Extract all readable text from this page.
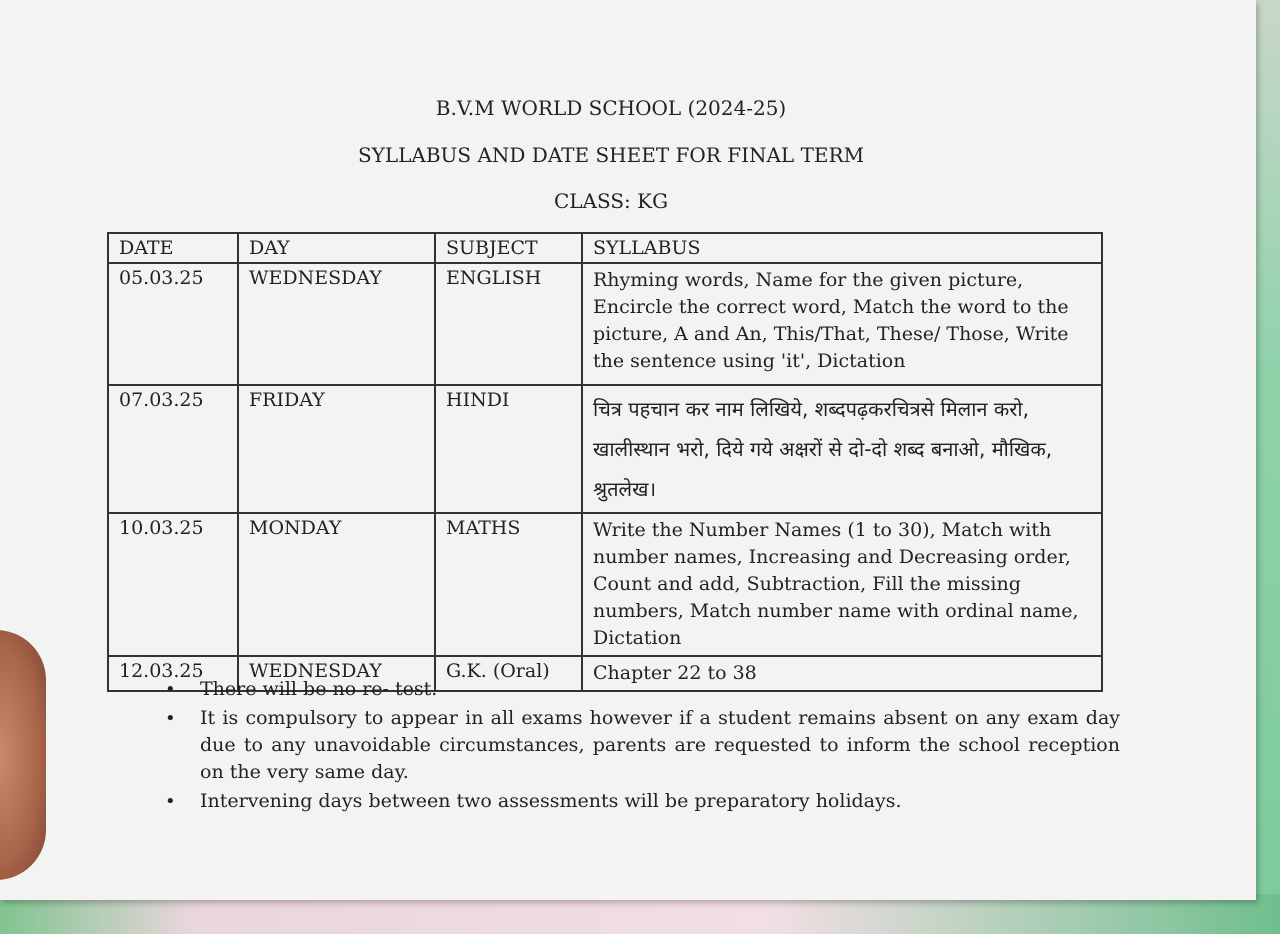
B.V.M WORLD SCHOOL (2024-25)
SYLLABUS AND DATE SHEET FOR FINAL TERM
CLASS: KG
DATE	DAY	SUBJECT	SYLLABUS
05.03.25	WEDNESDAY	ENGLISH	Rhyming words, Name for the given picture, Encircle the correct word, Match the word to the picture, A and An, This/That, These/ Those, Write the sentence using 'it', Dictation
07.03.25	FRIDAY	HINDI	चित्र पहचान कर नाम लिखिये, शब्दपढ़करचित्रसे मिलान करो, खालीस्थान भरो, दिये गये अक्षरों से दो-दो शब्द बनाओ, मौखिक, श्रुतलेख।
10.03.25	MONDAY	MATHS	Write the Number Names (1 to 30), Match with number names, Increasing and Decreasing order, Count and add, Subtraction, Fill the missing numbers, Match number name with ordinal name, Dictation
12.03.25	WEDNESDAY	G.K. (Oral)	Chapter 22 to 38
• There will be no re- test.
• It is compulsory to appear in all exams however if a student remains absent on any exam day due to any unavoidable circumstances, parents are requested to inform the school reception on the very same day.
• Intervening days between two assessments will be preparatory holidays.
